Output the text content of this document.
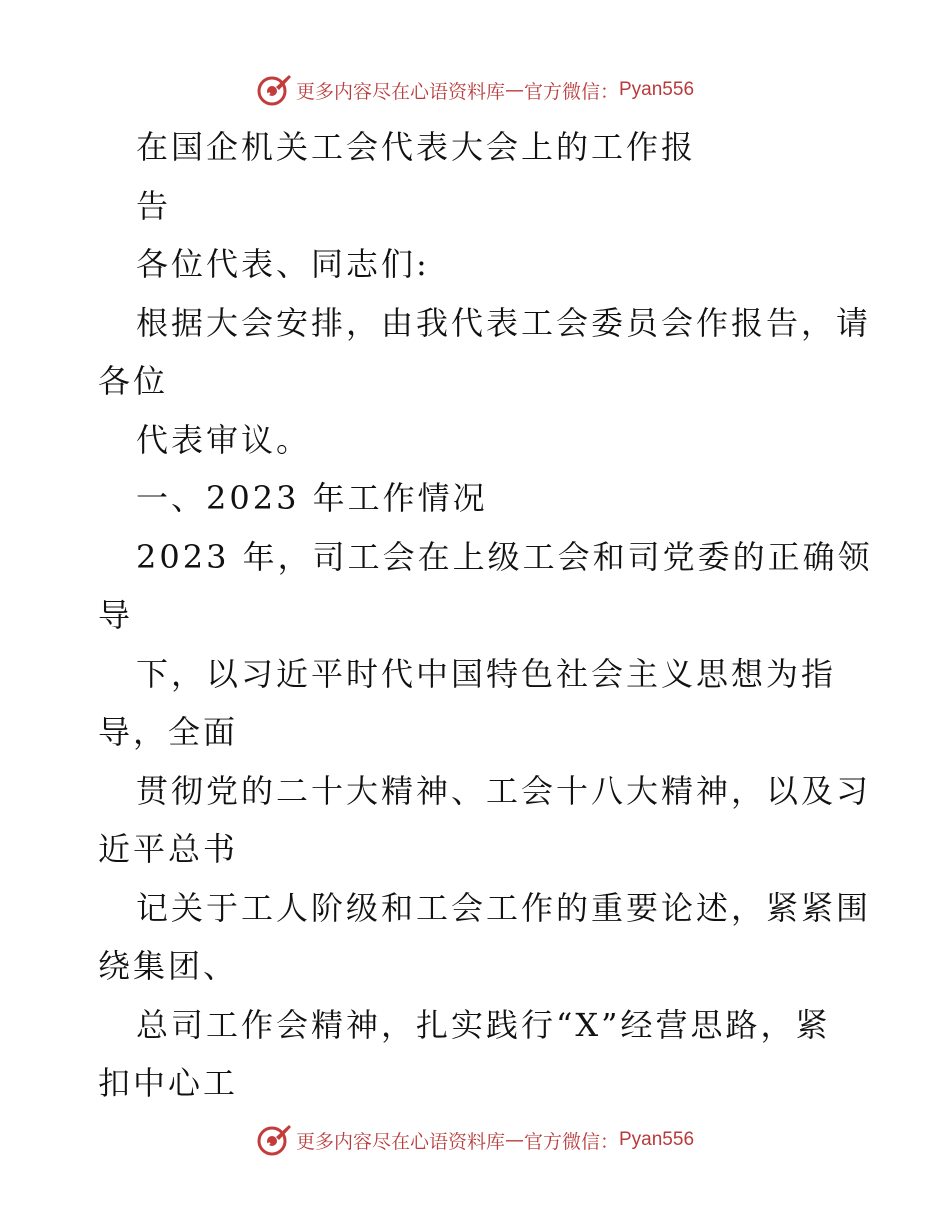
更多内容尽在心语资料库 — 官方微信： Pyan556
在国企机关工会代表大会上的工作报
告
各位代表、同志们:
根据大会安排，由我代表工会委员会作报告，请
各位
代表审议。
一、2023 年工作情况
2023 年，司工会在上级工会和司党委的正确领
导
下，以习近平时代中国特色社会主义思想为指
导，全面
贯彻党的二十大精神、工会十八大精神，以及习
近平总书
记关于工人阶级和工会工作的重要论述，紧紧围
绕集团、
总司工作会精神，扎实践行“X”经营思路，紧
扣中心工
更多内容尽在心语资料库 — 官方微信： Pyan556
